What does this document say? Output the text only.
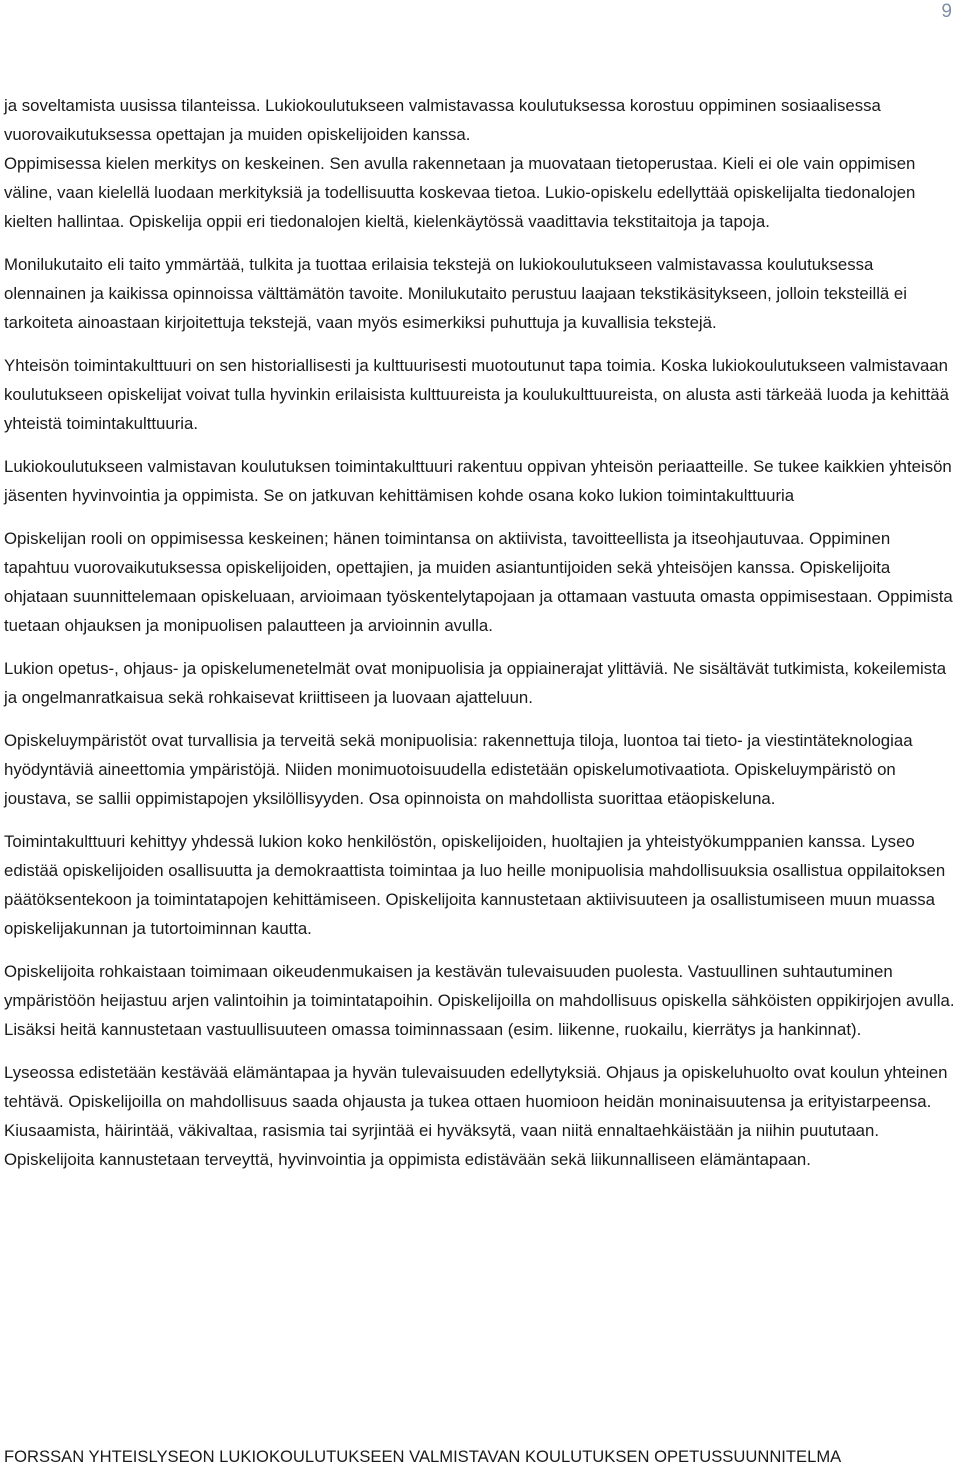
9

ja soveltamista uusissa tilanteissa. Lukiokoulutukseen valmistavassa koulutuksessa korostuu oppiminen sosiaalisessa vuorovaikutuksessa opettajan ja muiden opiskelijoiden kanssa.

Oppimisessa kielen merkitys on keskeinen. Sen avulla rakennetaan ja muovataan tietoperustaa. Kieli ei ole vain oppimisen väline, vaan kielellä luodaan merkityksiä ja todellisuutta koskevaa tietoa. Lukio-opiskelu edellyttää opiskelijalta tiedonalojen kielten hallintaa. Opiskelija oppii eri tiedonalojen kieltä, kielenkäytössä vaadittavia tekstitaitoja ja tapoja.

Monilukutaito eli taito ymmärtää, tulkita ja tuottaa erilaisia tekstejä on lukiokoulutukseen valmistavassa koulutuksessa olennainen ja kaikissa opinnoissa välttämätön tavoite. Monilukutaito perustuu laajaan tekstikäsitykseen, jolloin teksteillä ei tarkoiteta ainoastaan kirjoitettuja tekstejä, vaan myös esimerkiksi puhuttuja ja kuvallisia tekstejä.

Yhteisön toimintakulttuuri on sen historiallisesti ja kulttuurisesti muotoutunut tapa toimia. Koska lukiokoulutukseen valmistavaan koulutukseen opiskelijat voivat tulla hyvinkin erilaisista kulttuureista ja koulukulttuureista, on alusta asti tärkeää luoda ja kehittää yhteistä toimintakulttuuria.

Lukiokoulutukseen valmistavan koulutuksen toimintakulttuuri rakentuu oppivan yhteisön periaatteille. Se tukee kaikkien yhteisön jäsenten hyvinvointia ja oppimista. Se on jatkuvan kehittämisen kohde osana koko lukion toimintakulttuuria

Opiskelijan rooli on oppimisessa keskeinen; hänen toimintansa on aktiivista, tavoitteellista ja itseohjautuvaa. Oppiminen tapahtuu vuorovaikutuksessa opiskelijoiden, opettajien, ja muiden asiantuntijoiden sekä yhteisöjen kanssa. Opiskelijoita ohjataan suunnittelemaan opiskeluaan, arvioimaan työskentelytapojaan ja ottamaan vastuuta omasta oppimisestaan. Oppimista tuetaan ohjauksen ja monipuolisen palautteen ja arvioinnin avulla.

Lukion opetus-, ohjaus- ja opiskelumenetelmät ovat monipuolisia ja oppiainerajat ylittäviä. Ne sisältävät tutkimista, kokeilemista ja ongelmanratkaisua sekä rohkaisevat kriittiseen ja luovaan ajatteluun.

Opiskeluympäristöt ovat turvallisia ja terveitä sekä monipuolisia: rakennettuja tiloja, luontoa tai tieto- ja viestintäteknologiaa hyödyntäviä aineettomia ympäristöjä. Niiden monimuotoisuudella edistetään opiskelumotivaatiota. Opiskeluympäristö on joustava, se sallii oppimistapojen yksilöllisyyden. Osa opinnoista on mahdollista suorittaa etäopiskeluna.

Toimintakulttuuri kehittyy yhdessä lukion koko henkilöstön, opiskelijoiden, huoltajien ja yhteistyökumppanien kanssa. Lyseo edistää opiskelijoiden osallisuutta ja demokraattista toimintaa ja luo heille monipuolisia mahdollisuuksia osallistua oppilaitoksen päätöksentekoon ja toimintatapojen kehittämiseen. Opiskelijoita kannustetaan aktiivisuuteen ja osallistumiseen muun muassa opiskelijakunnan ja tutortoiminnan kautta.

Opiskelijoita rohkaistaan toimimaan oikeudenmukaisen ja kestävän tulevaisuuden puolesta. Vastuullinen suhtautuminen ympäristöön heijastuu arjen valintoihin ja toimintatapoihin. Opiskelijoilla on mahdollisuus opiskella sähköisten oppikirjojen avulla. Lisäksi heitä kannustetaan vastuullisuuteen omassa toiminnassaan (esim. liikenne, ruokailu, kierrätys ja hankinnat).

Lyseossa edistetään kestävää elämäntapaa ja hyvän tulevaisuuden edellytyksiä. Ohjaus ja opiskeluhuolto ovat koulun yhteinen tehtävä. Opiskelijoilla on mahdollisuus saada ohjausta ja tukea ottaen huomioon heidän moninaisuutensa ja erityistarpeensa. Kiusaamista, häirintää, väkivaltaa, rasismia tai syrjintää ei hyväksytä, vaan niitä ennaltaehkäistään ja niihin puututaan. Opiskelijoita kannustetaan terveyttä, hyvinvointia ja oppimista edistävään sekä liikunnalliseen elämäntapaan.

FORSSAN YHTEISLYSEON LUKIOKOULUTUKSEEN VALMISTAVAN KOULUTUKSEN OPETUSSUUNNITELMA
